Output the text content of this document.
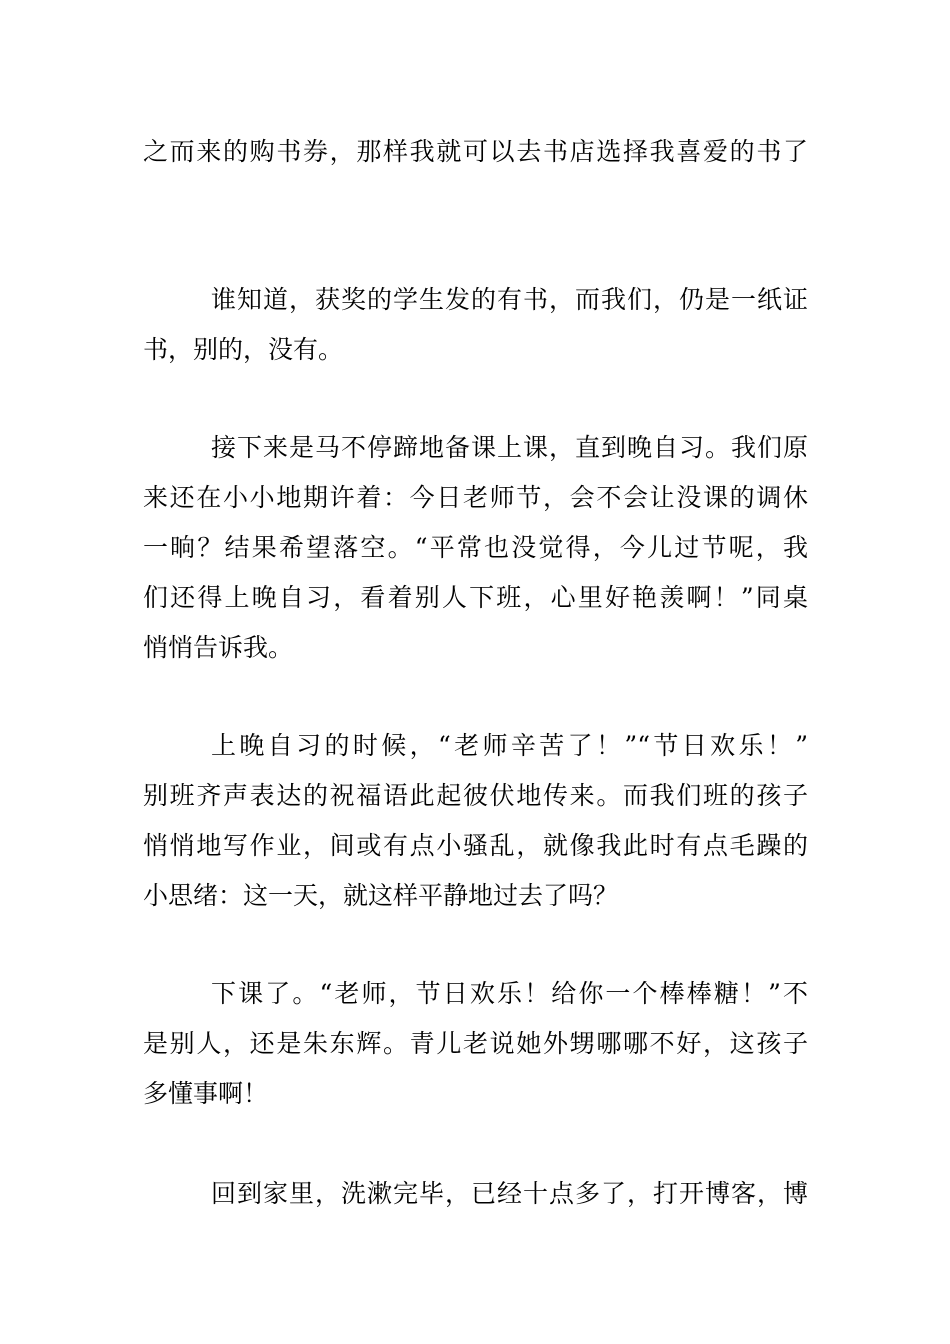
之而来的购书券，那样我就可以去书店选择我喜爱的书了
谁知道，获奖的学生发的有书，而我们，仍是一纸证
书，别的，没有。
接下来是马不停蹄地备课上课，直到晚自习。我们原
来还在小小地期许着：今日老师节，会不会让没课的调休
一晌？结果希望落空。“平常也没觉得，今儿过节呢，我
们还得上晚自习，看着别人下班，心里好艳羡啊！”同桌
悄悄告诉我。
上晚自习的时候，“老师辛苦了！”“节日欢乐！”
别班齐声表达的祝福语此起彼伏地传来。而我们班的孩子
悄悄地写作业，间或有点小骚乱，就像我此时有点毛躁的
小思绪：这一天，就这样平静地过去了吗？
下课了。“老师，节日欢乐！给你一个棒棒糖！”不
是别人，还是朱东辉。青儿老说她外甥哪哪不好，这孩子
多懂事啊！
回到家里，洗漱完毕，已经十点多了，打开博客，博
